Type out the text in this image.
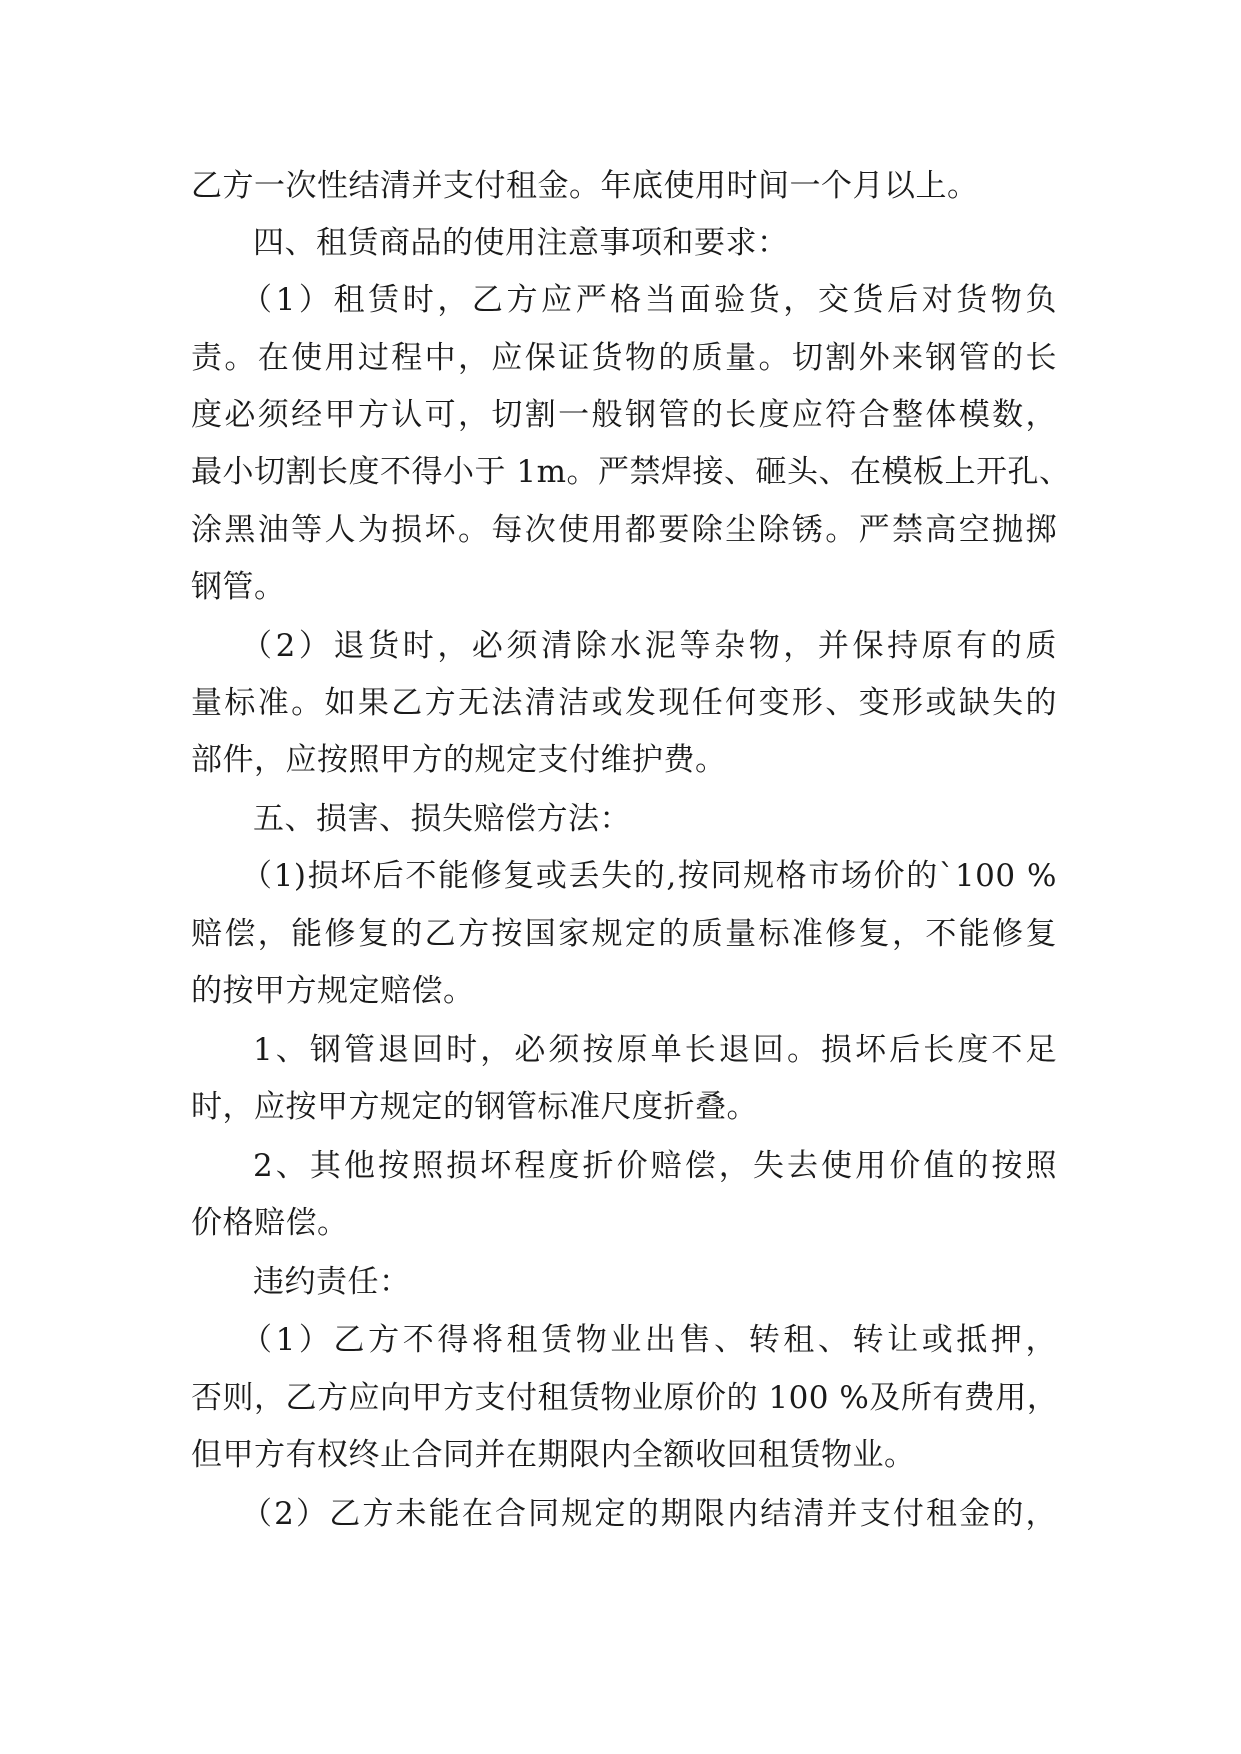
乙方一次性结清并支付租金。年底使用时间一个月以上。
四、租赁商品的使用注意事项和要求：
（1）租赁时，乙方应严格当面验货，交货后对货物负
责。在使用过程中，应保证货物的质量。切割外来钢管的长
度必须经甲方认可，切割一般钢管的长度应符合整体模数，
最小切割长度不得小于 1m。严禁焊接、砸头、在模板上开孔、
涂黑油等人为损坏。每次使用都要除尘除锈。严禁高空抛掷
钢管。
（2）退货时，必须清除水泥等杂物，并保持原有的质
量标准。如果乙方无法清洁或发现任何变形、变形或缺失的
部件，应按照甲方的规定支付维护费。
五、损害、损失赔偿方法：
（1)损坏后不能修复或丢失的,按同规格市场价的`100 %
赔偿，能修复的乙方按国家规定的质量标准修复，不能修复
的按甲方规定赔偿。
1、钢管退回时，必须按原单长退回。损坏后长度不足
时，应按甲方规定的钢管标准尺度折叠。
2、其他按照损坏程度折价赔偿，失去使用价值的按照
价格赔偿。
违约责任：
（1）乙方不得将租赁物业出售、转租、转让或抵押，
否则，乙方应向甲方支付租赁物业原价的 100 %及所有费用，
但甲方有权终止合同并在期限内全额收回租赁物业。
（2）乙方未能在合同规定的期限内结清并支付租金的，
